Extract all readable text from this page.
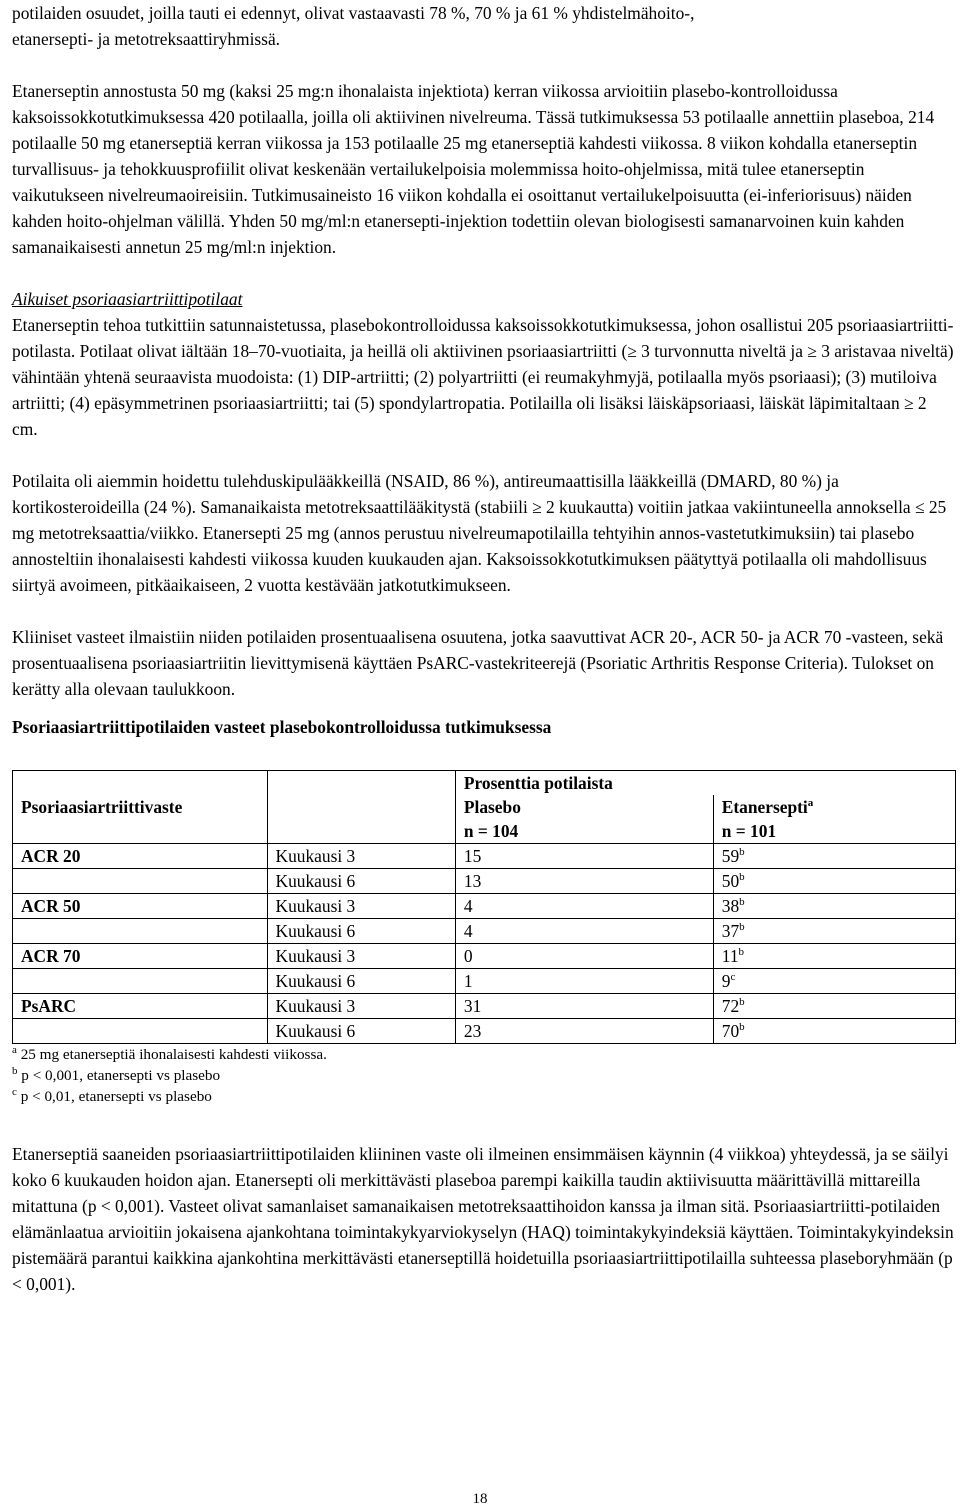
potilaiden osuudet, joilla tauti ei edennyt, olivat vastaavasti 78 %, 70 % ja 61 % yhdistelmähoito-,

etanersepti- ja metotreksaattiryhmissä.

Etanerseptin annostusta 50 mg (kaksi 25 mg:n ihonalaista injektiota) kerran viikossa arvioitiin plasebo-kontrolloidussa kaksoissokkotutkimuksessa 420 potilaalla, joilla oli aktiivinen nivelreuma. Tässä tutkimuksessa 53 potilaalle annettiin plaseboa, 214 potilaalle 50 mg etanerseptiä kerran viikossa ja 153 potilaalle 25 mg etanerseptiä kahdesti viikossa. 8 viikon kohdalla etanerseptin turvallisuus- ja tehokkuusprofiilit olivat keskenään vertailukelpoisia molemmissa hoito-ohjelmissa, mitä tulee etanerseptin vaikutukseen nivelreumaoireisiin. Tutkimusaineisto 16 viikon kohdalla ei osoittanut vertailukelpoisuutta (ei-inferiorisuus) näiden kahden hoito-ohjelman välillä. Yhden 50 mg/ml:n etanersepti-injektion todettiin olevan biologisesti samanarvoinen kuin kahden samanaikaisesti annetun 25 mg/ml:n injektion.

Aikuiset psoriaasiartriittipotilaat

Etanerseptin tehoa tutkittiin satunnaistetussa, plasebokontrolloidussa kaksoissokkotutkimuksessa, johon osallistui 205 psoriaasiartriitti-potilasta. Potilaat olivat iältään 18–70-vuotiaita, ja heillä oli aktiivinen psoriaasiartriitti (≥ 3 turvonnutta niveltä ja ≥ 3 aristavaa niveltä) vähintään yhtenä seuraavista muodoista: (1) DIP-artriitti; (2) polyartriitti (ei reumakyhmyjä, potilaalla myös psoriaasi); (3) mutiloiva artriitti; (4) epäsymmetrinen psoriaasiartriitti; tai (5) spondylartropatia. Potilailla oli lisäksi läiskäpsoriaasi, läiskät läpimitaltaan ≥ 2 cm.

Potilaita oli aiemmin hoidettu tulehduskipulääkkeillä (NSAID, 86 %), antireumaattisilla lääkkeillä (DMARD, 80 %) ja kortikosteroideilla (24 %). Samanaikaista metotreksaattilääkitystä (stabiili ≥ 2 kuukautta) voitiin jatkaa vakiintuneella annoksella ≤ 25 mg metotreksaattia/viikko. Etanersepti 25 mg (annos perustuu nivelreumapotilailla tehtyihin annos-vastetutkimuksiin) tai plasebo annosteltiin ihonalaisesti kahdesti viikossa kuuden kuukauden ajan. Kaksoissokkotutkimuksen päätyttyä potilaalla oli mahdollisuus siirtyä avoimeen, pitkäaikaiseen, 2 vuotta kestävään jatkotutkimukseen.

Kliiniset vasteet ilmaistiin niiden potilaiden prosentuaalisena osuutena, jotka saavuttivat ACR 20-, ACR 50- ja ACR 70 -vasteen, sekä prosentuaalisena psoriaasiartriitin lievittymisenä käyttäen PsARC-vastekriteerejä (Psoriatic Arthritis Response Criteria). Tulokset on kerätty alla olevaan taulukkoon.

Psoriaasiartriittipotilaiden vasteet plasebokontrolloidussa tutkimuksessa

Psoriaasiartriittivaste		Prosenttia potilaista	
		Plasebo	Etanersepti$^a$
		n = 104	n = 101
ACR 20	Kuukausi 3	15	59$^b$
	Kuukausi 6	13	50$^b$
ACR 50	Kuukausi 3	4	38$^b$
	Kuukausi 6	4	37$^b$
ACR 70	Kuukausi 3	0	11$^b$
	Kuukausi 6	1	9$^c$
PsARC	Kuukausi 3	31	72$^b$
	Kuukausi 6	23	70$^b$
$^a$ 25 mg etanerseptiä ihonalaisesti kahdesti viikossa.
$^b$ p < 0,001, etanersepti vs plasebo
$^c$ p < 0,01, etanersepti vs plasebo

Etanerseptiä saaneiden psoriaasiartriittipotilaiden kliininen vaste oli ilmeinen ensimmäisen käynnin (4 viikkoa) yhteydessä, ja se säilyi koko 6 kuukauden hoidon ajan. Etanersepti oli merkittävästi plaseboa parempi kaikilla taudin aktiivisuutta määrittävillä mittareilla mitattuna (p < 0,001). Vasteet olivat samanlaiset samanaikaisen metotreksaattihoidon kanssa ja ilman sitä. Psoriaasiartriitti-potilaiden elämänlaatua arvioitiin jokaisena ajankohtana toimintakykyarviokyselyn (HAQ) toimintakykyindeksiä käyttäen. Toimintakykyindeksin pistemäärä parantui kaikkina ajankohtina merkittävästi etanerseptillä hoidetuilla psoriaasiartriittipotilailla suhteessa plaseboryhmään (p < 0,001).

18
